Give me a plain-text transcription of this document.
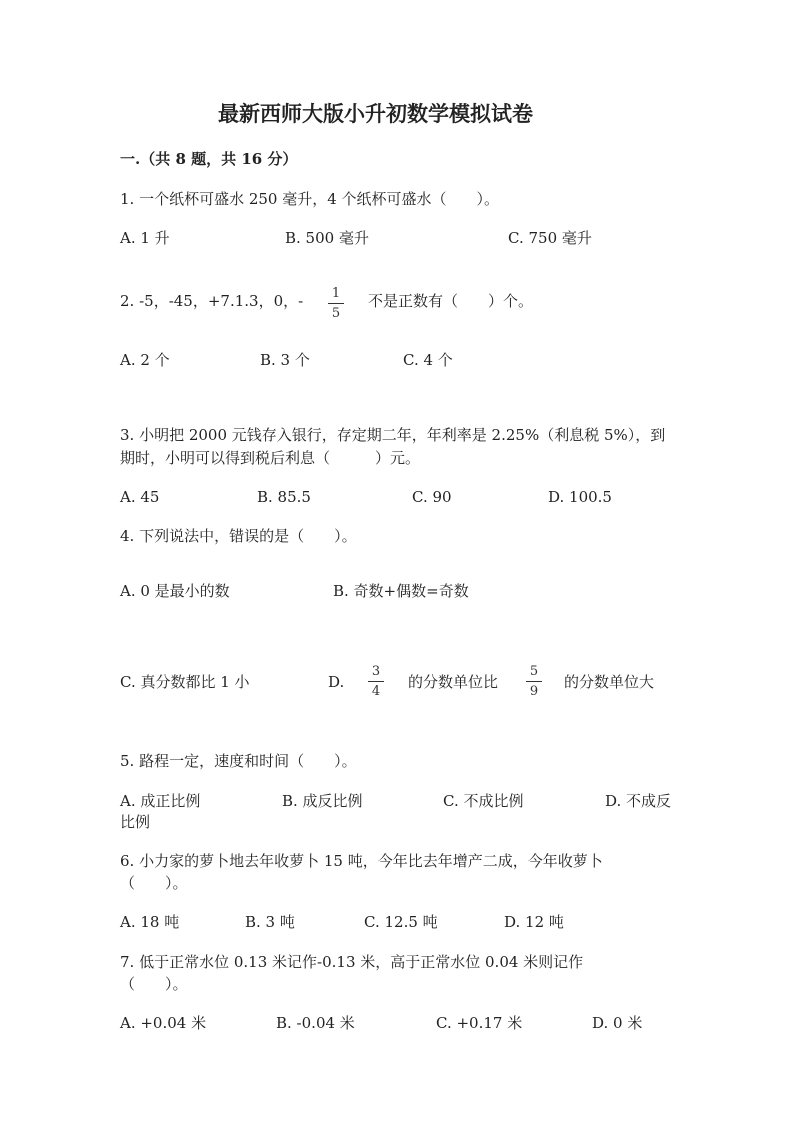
最新西师大版小升初数学模拟试卷
一.（共 8 题，共 16 分）
1. 一个纸杯可盛水 250 毫升，4 个纸杯可盛水（　　）。
A. 1 升	B. 500 毫升	C. 750 毫升
2. -5，-45，+7.1.3，0，- 1
5
不是正数有（　　）个。
A. 2 个	B. 3 个	C. 4 个
3. 小明把 2000 元钱存入银行，存定期二年，年利率是 2.25%（利息税 5%），到
期时，小明可以得到税后利息（　　　）元。
A. 45	B. 85.5	C. 90	D. 100.5
4. 下列说法中，错误的是（　　）。
A. 0 是最小的数	B. 奇数+偶数=奇数
C. 真分数都比 1 小	D.
3
4
的分数单位比
5
9
的分数单位大
5. 路程一定，速度和时间（　　）。
A. 成正比例	B. 成反比例	C. 不成比例	D. 不成反
比例
6. 小力家的萝卜地去年收萝卜 15 吨，今年比去年增产二成，今年收萝卜
（　　）。
A. 18 吨	B. 3 吨	C. 12.5 吨	D. 12 吨
7. 低于正常水位 0.13 米记作-0.13 米，高于正常水位 0.04 米则记作
（　　）。
A. +0.04 米	B. -0.04 米	C. +0.17 米	D. 0 米
